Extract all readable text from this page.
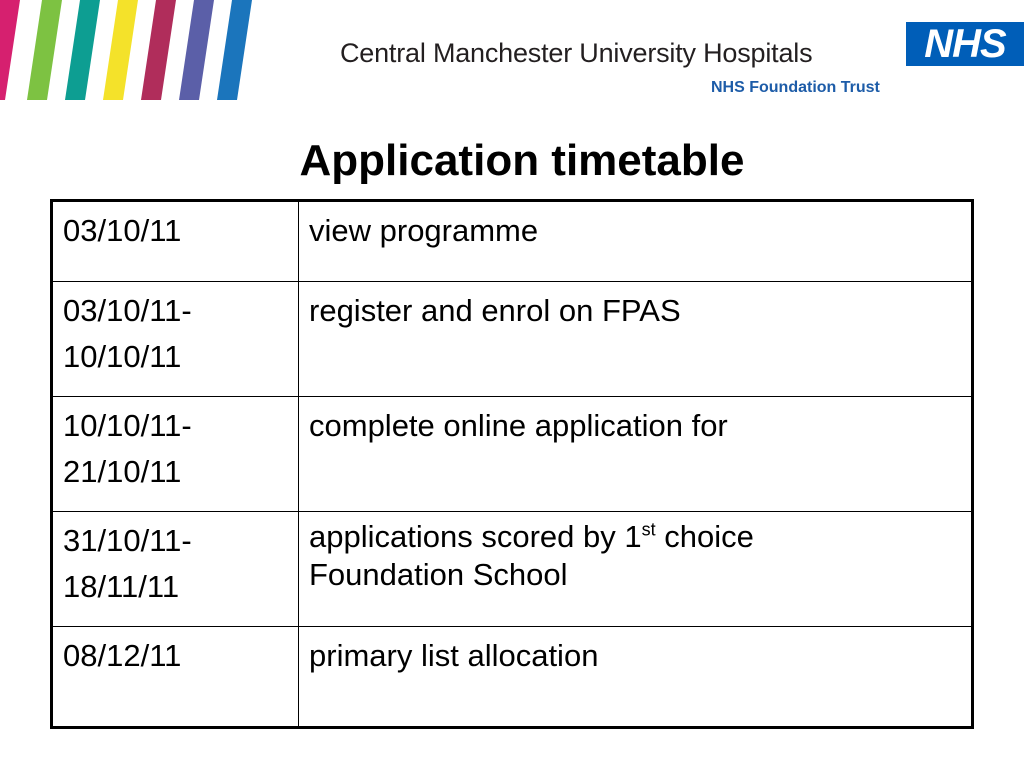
Central Manchester University Hospitals
NHS Foundation Trust
NHS
Application timetable
03/10/11	view programme
03/10/11-
10/10/11	register and enrol on FPAS
10/10/11-
21/10/11	complete online application for
31/10/11-
18/11/11	applications scored by 1st choice
Foundation School

08/12/11	primary list allocation
